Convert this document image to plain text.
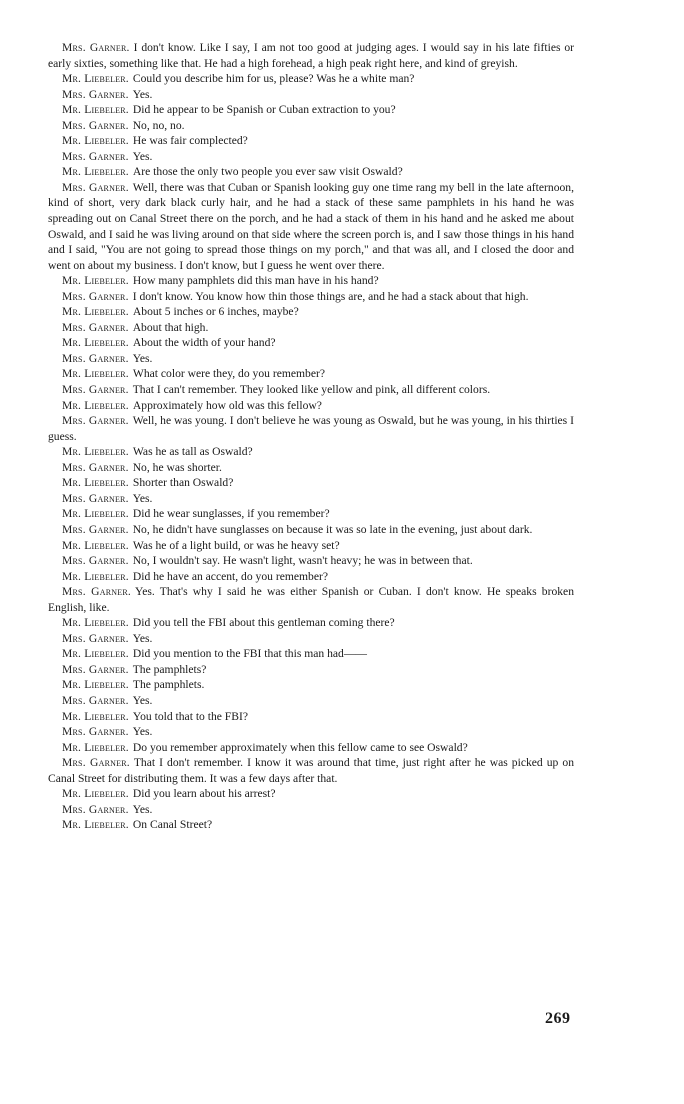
Mrs. Garner. I don't know. Like I say, I am not too good at judging ages. I would say in his late fifties or early sixties, something like that. He had a high forehead, a high peak right here, and kind of greyish.

Mr. Liebeler. Could you describe him for us, please? Was he a white man?

Mrs. Garner. Yes.

Mr. Liebeler. Did he appear to be Spanish or Cuban extraction to you?

Mrs. Garner. No, no, no.

Mr. Liebeler. He was fair complected?

Mrs. Garner. Yes.

Mr. Liebeler. Are those the only two people you ever saw visit Oswald?

Mrs. Garner. Well, there was that Cuban or Spanish looking guy one time rang my bell in the late afternoon, kind of short, very dark black curly hair, and he had a stack of these same pamphlets in his hand he was spreading out on Canal Street there on the porch, and he had a stack of them in his hand and he asked me about Oswald, and I said he was living around on that side where the screen porch is, and I saw those things in his hand and I said, "You are not going to spread those things on my porch," and that was all, and I closed the door and went on about my business. I don't know, but I guess he went over there.

Mr. Liebeler. How many pamphlets did this man have in his hand?

Mrs. Garner. I don't know. You know how thin those things are, and he had a stack about that high.

Mr. Liebeler. About 5 inches or 6 inches, maybe?

Mrs. Garner. About that high.

Mr. Liebeler. About the width of your hand?

Mrs. Garner. Yes.

Mr. Liebeler. What color were they, do you remember?

Mrs. Garner. That I can't remember. They looked like yellow and pink, all different colors.

Mr. Liebeler. Approximately how old was this fellow?

Mrs. Garner. Well, he was young. I don't believe he was young as Oswald, but he was young, in his thirties I guess.

Mr. Liebeler. Was he as tall as Oswald?

Mrs. Garner. No, he was shorter.

Mr. Liebeler. Shorter than Oswald?

Mrs. Garner. Yes.

Mr. Liebeler. Did he wear sunglasses, if you remember?

Mrs. Garner. No, he didn't have sunglasses on because it was so late in the evening, just about dark.

Mr. Liebeler. Was he of a light build, or was he heavy set?

Mrs. Garner. No, I wouldn't say. He wasn't light, wasn't heavy; he was in between that.

Mr. Liebeler. Did he have an accent, do you remember?

Mrs. Garner. Yes. That's why I said he was either Spanish or Cuban. I don't know. He speaks broken English, like.

Mr. Liebeler. Did you tell the FBI about this gentleman coming there?

Mrs. Garner. Yes.

Mr. Liebeler. Did you mention to the FBI that this man had——

Mrs. Garner. The pamphlets?

Mr. Liebeler. The pamphlets.

Mrs. Garner. Yes.

Mr. Liebeler. You told that to the FBI?

Mrs. Garner. Yes.

Mr. Liebeler. Do you remember approximately when this fellow came to see Oswald?

Mrs. Garner. That I don't remember. I know it was around that time, just right after he was picked up on Canal Street for distributing them. It was a few days after that.

Mr. Liebeler. Did you learn about his arrest?

Mrs. Garner. Yes.

Mr. Liebeler. On Canal Street?

269
